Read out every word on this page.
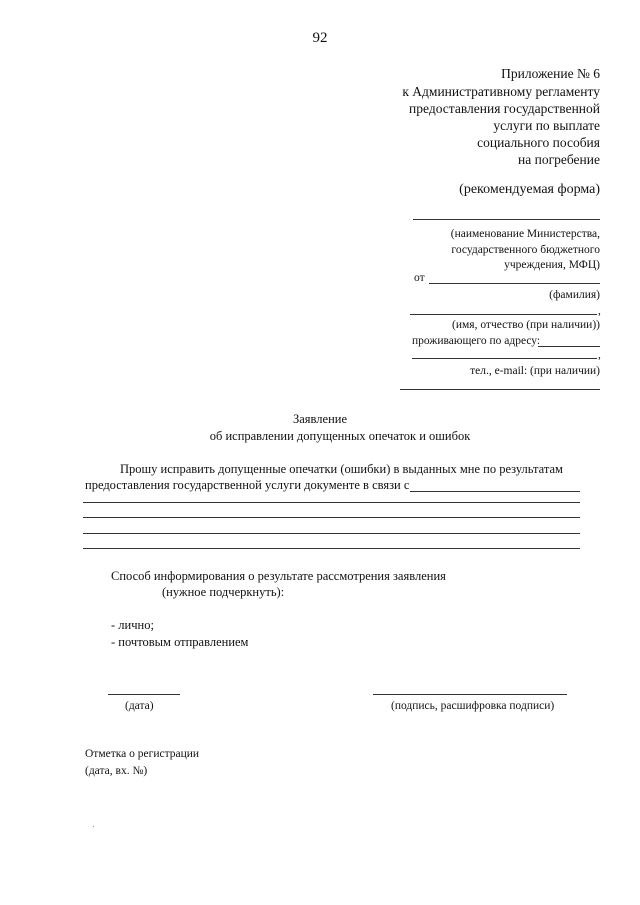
92
Приложение № 6
к Административному регламенту
предоставления государственной
услуги по выплате
социального пособия
на погребение
(рекомендуемая форма)
(наименование Министерства,
государственного бюджетного
учреждения, МФЦ)
от
(фамилия)
,
(имя, отчество (при наличии))
проживающего по адресу:
,
тел., e-mail: (при наличии)
Заявление
об исправлении допущенных опечаток и ошибок
Прошу исправить допущенные опечатки (ошибки) в выданных мне по результатам
предоставления государственной услуги документе в связи с
Способ информирования о результате рассмотрения заявления
(нужное подчеркнуть):
- лично;
- почтовым отправлением
(дата)	(подпись, расшифровка подписи)
Отметка о регистрации
(дата, вх. №)
